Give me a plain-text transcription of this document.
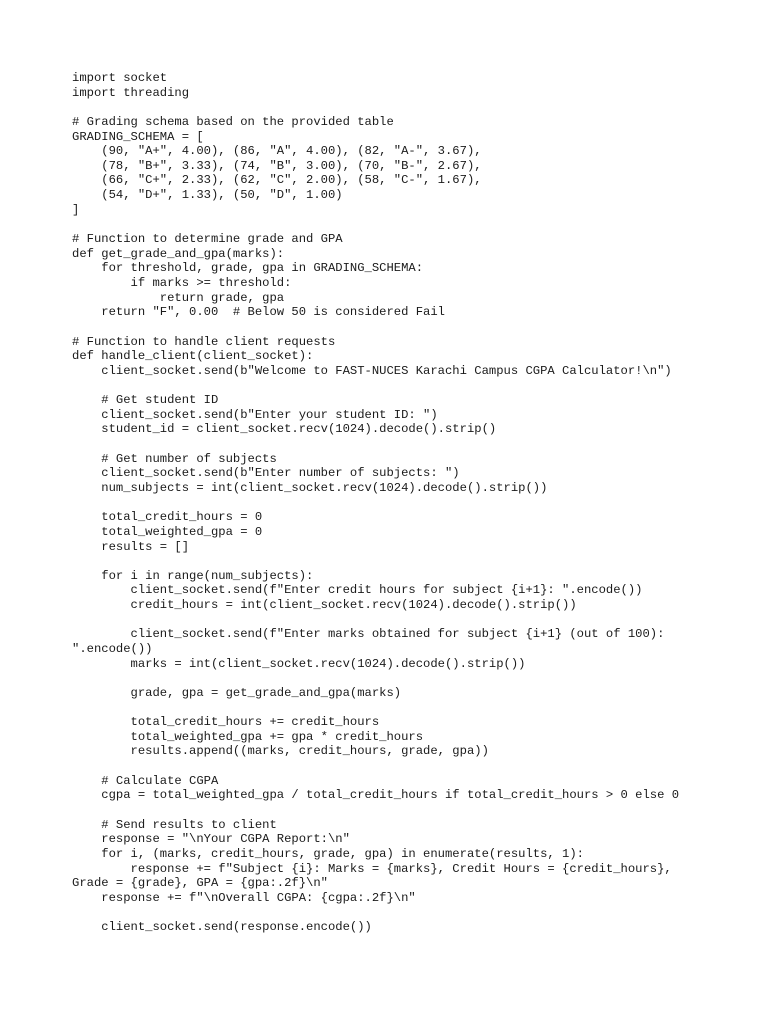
import socket
import threading
# Grading schema based on the provided table
GRADING_SCHEMA = [
(90, "A+", 4.00), (86, "A", 4.00), (82, "A-", 3.67),
(78, "B+", 3.33), (74, "B", 3.00), (70, "B-", 2.67),
(66, "C+", 2.33), (62, "C", 2.00), (58, "C-", 1.67),
(54, "D+", 1.33), (50, "D", 1.00)
]
# Function to determine grade and GPA
def get_grade_and_gpa(marks):
for threshold, grade, gpa in GRADING_SCHEMA:
if marks >= threshold:
return grade, gpa
return "F", 0.00  # Below 50 is considered Fail
# Function to handle client requests
def handle_client(client_socket):
client_socket.send(b"Welcome to FAST-NUCES Karachi Campus CGPA Calculator!\n")
# Get student ID
client_socket.send(b"Enter your student ID: ")
student_id = client_socket.recv(1024).decode().strip()
# Get number of subjects
client_socket.send(b"Enter number of subjects: ")
num_subjects = int(client_socket.recv(1024).decode().strip())
total_credit_hours = 0
total_weighted_gpa = 0
results = []
for i in range(num_subjects):
client_socket.send(f"Enter credit hours for subject {i+1}: ".encode())
credit_hours = int(client_socket.recv(1024).decode().strip())
client_socket.send(f"Enter marks obtained for subject {i+1} (out of 100):
".encode())
marks = int(client_socket.recv(1024).decode().strip())
grade, gpa = get_grade_and_gpa(marks)
total_credit_hours += credit_hours
total_weighted_gpa += gpa * credit_hours
results.append((marks, credit_hours, grade, gpa))
# Calculate CGPA
cgpa = total_weighted_gpa / total_credit_hours if total_credit_hours > 0 else 0
# Send results to client
response = "\nYour CGPA Report:\n"
for i, (marks, credit_hours, grade, gpa) in enumerate(results, 1):
response += f"Subject {i}: Marks = {marks}, Credit Hours = {credit_hours},
Grade = {grade}, GPA = {gpa:.2f}\n"
response += f"\nOverall CGPA: {cgpa:.2f}\n"
client_socket.send(response.encode())
